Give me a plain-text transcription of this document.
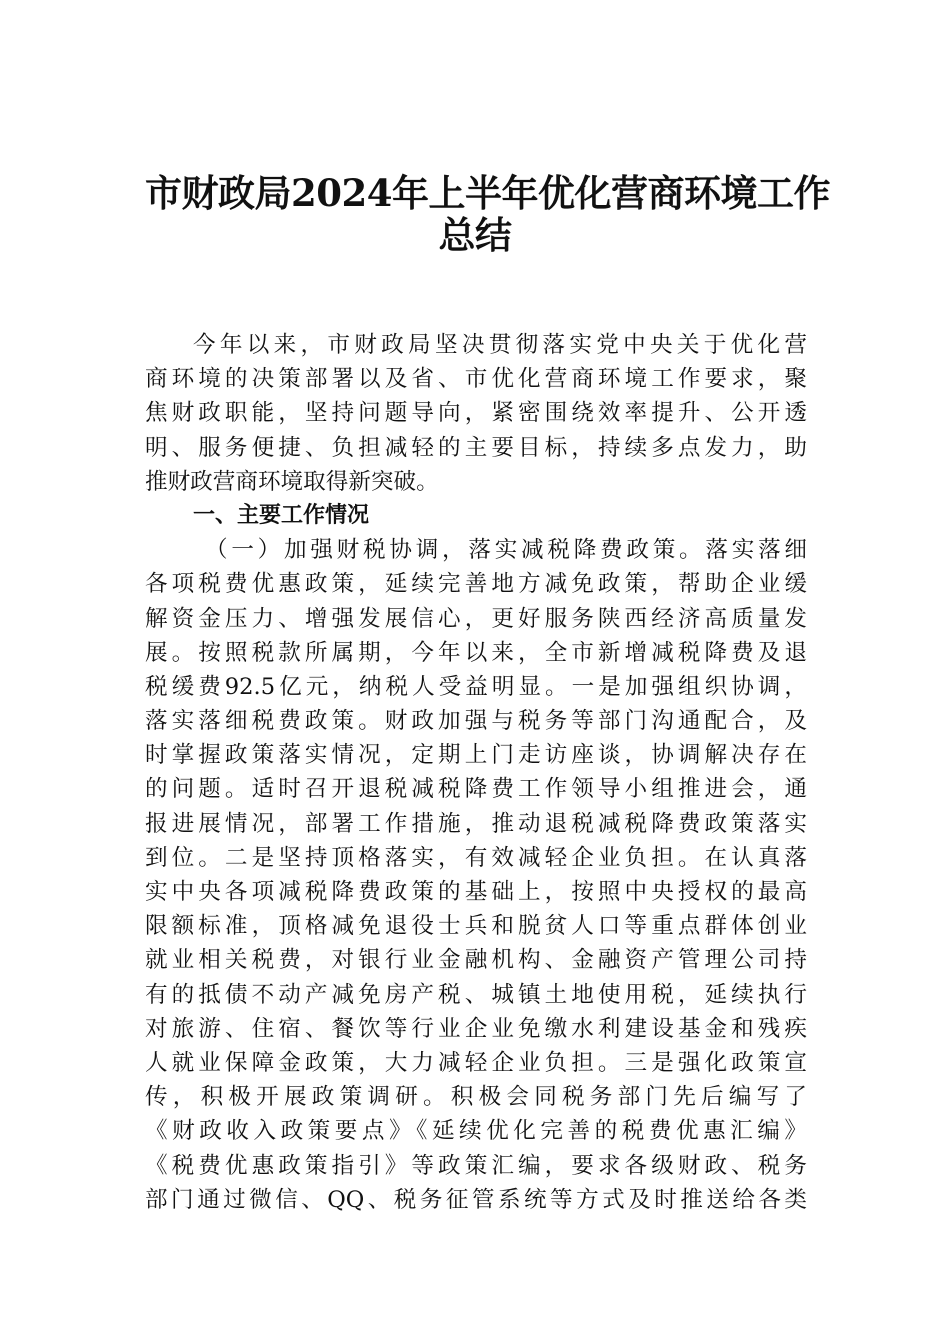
市财政局2024年上半年优化营商环境工作
总结
今年以来，市财政局坚决贯彻落实党中央关于优化营
商环境的决策部署以及省、市优化营商环境工作要求，聚
焦财政职能，坚持问题导向，紧密围绕效率提升、公开透
明、服务便捷、负担减轻的主要目标，持续多点发力，助
推财政营商环境取得新突破。
一、主要工作情况
（一）加强财税协调，落实减税降费政策。落实落细
各项税费优惠政策，延续完善地方减免政策，帮助企业缓
解资金压力、增强发展信心，更好服务陕西经济高质量发
展。按照税款所属期，今年以来，全市新增减税降费及退
税缓费92.5亿元，纳税人受益明显。一是加强组织协调，
落实落细税费政策。财政加强与税务等部门沟通配合，及
时掌握政策落实情况，定期上门走访座谈，协调解决存在
的问题。适时召开退税减税降费工作领导小组推进会，通
报进展情况，部署工作措施，推动退税减税降费政策落实
到位。二是坚持顶格落实，有效减轻企业负担。在认真落
实中央各项减税降费政策的基础上，按照中央授权的最高
限额标准，顶格减免退役士兵和脱贫人口等重点群体创业
就业相关税费，对银行业金融机构、金融资产管理公司持
有的抵债不动产减免房产税、城镇土地使用税，延续执行
对旅游、住宿、餐饮等行业企业免缴水利建设基金和残疾
人就业保障金政策，大力减轻企业负担。三是强化政策宣
传，积极开展政策调研。积极会同税务部门先后编写了
《财政收入政策要点》《延续优化完善的税费优惠汇编》
《税费优惠政策指引》等政策汇编，要求各级财政、税务
部门通过微信、QQ、税务征管系统等方式及时推送给各类
